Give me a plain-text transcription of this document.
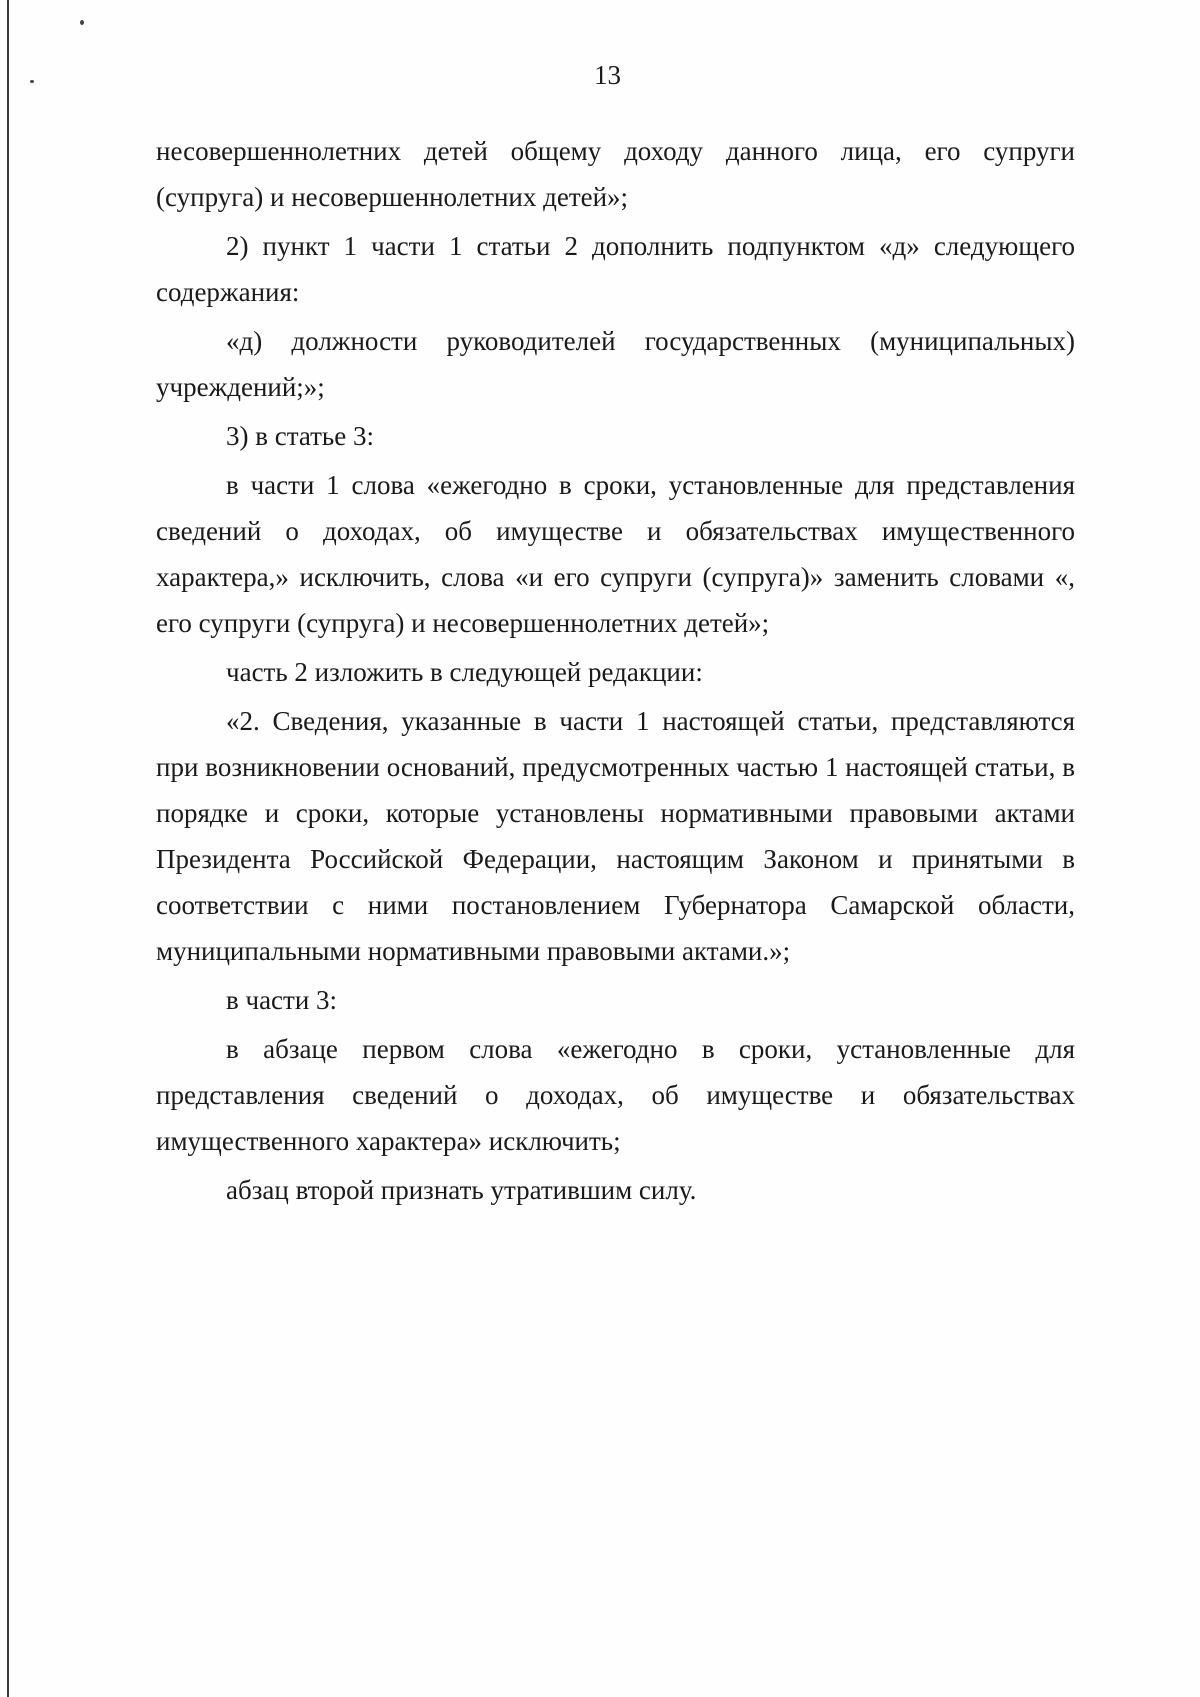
13

несовершеннолетних детей общему доходу данного лица, его супруги (супруга) и несовершеннолетних детей»;

2) пункт 1 части 1 статьи 2 дополнить подпунктом «д» следующего содержания:

«д) должности руководителей государственных (муниципальных) учреждений;»;

3) в статье 3:

в части 1 слова «ежегодно в сроки, установленные для представления сведений о доходах, об имуществе и обязательствах имущественного характера,» исключить, слова «и его супруги (супруга)» заменить словами «, его супруги (супруга) и несовершеннолетних детей»;

часть 2 изложить в следующей редакции:

«2. Сведения, указанные в части 1 настоящей статьи, представляются при возникновении оснований, предусмотренных частью 1 настоящей статьи, в порядке и сроки, которые установлены нормативными правовыми актами Президента Российской Федерации, настоящим Законом и принятыми в соответствии с ними постановлением Губернатора Самарской области, муниципальными нормативными правовыми актами.»;

в части 3:

в абзаце первом слова «ежегодно в сроки, установленные для представления сведений о доходах, об имуществе и обязательствах имущественного характера» исключить;

абзац второй признать утратившим силу.
